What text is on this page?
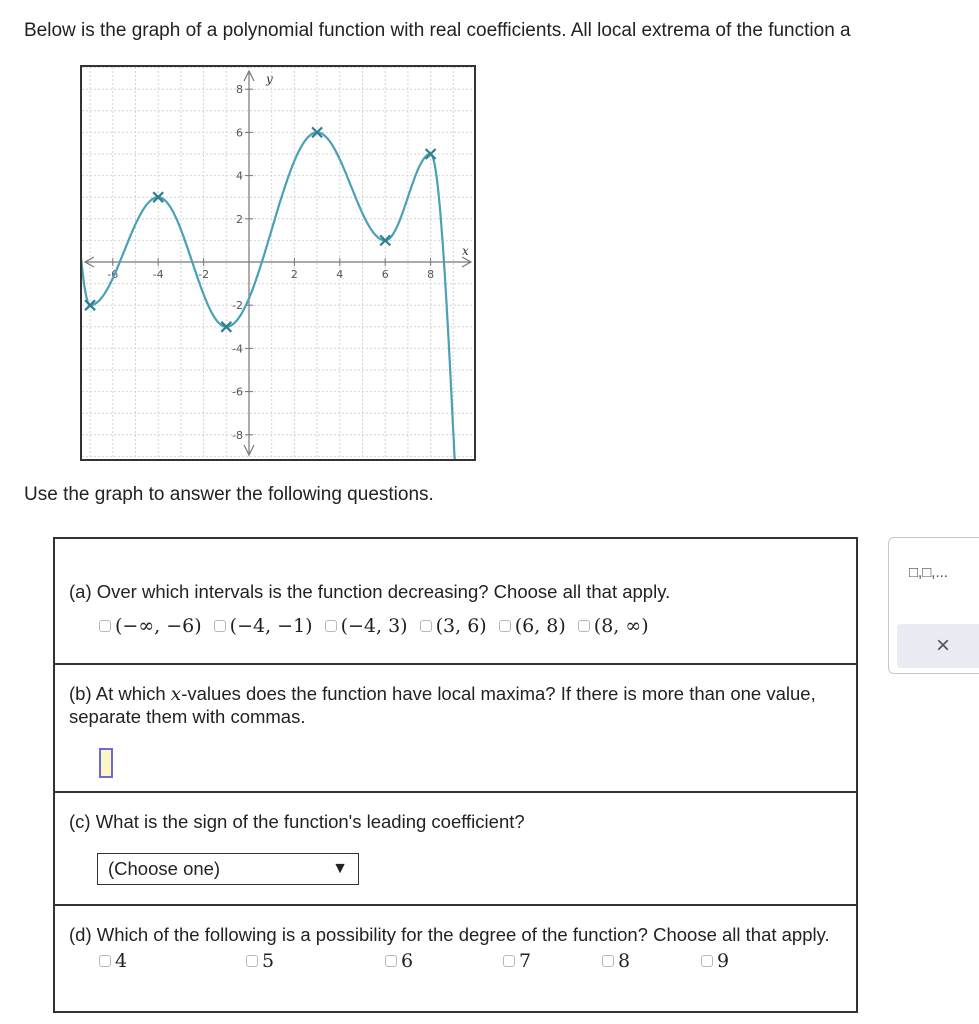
Below is the graph of a polynomial function with real coefficients. All local extrema of the function a
-6	-4	-2	2	4	6	8
8
6
4
2
-2
-4
-6
-8
x
y
Use the graph to answer the following questions.
(a) Over which intervals is the function decreasing? Choose all that apply.
(−∞, −6) (−4, −1) (−4, 3) (3, 6) (6, 8) (8, ∞)
(b) At which x-values does the function have local maxima? If there is more than one value, separate them with commas.
(c) What is the sign of the function's leading coefficient?
(Choose one)	▼
(d) Which of the following is a possibility for the degree of the function? Choose all that apply.
4	5	6	7	8	9
□,□,...
×
